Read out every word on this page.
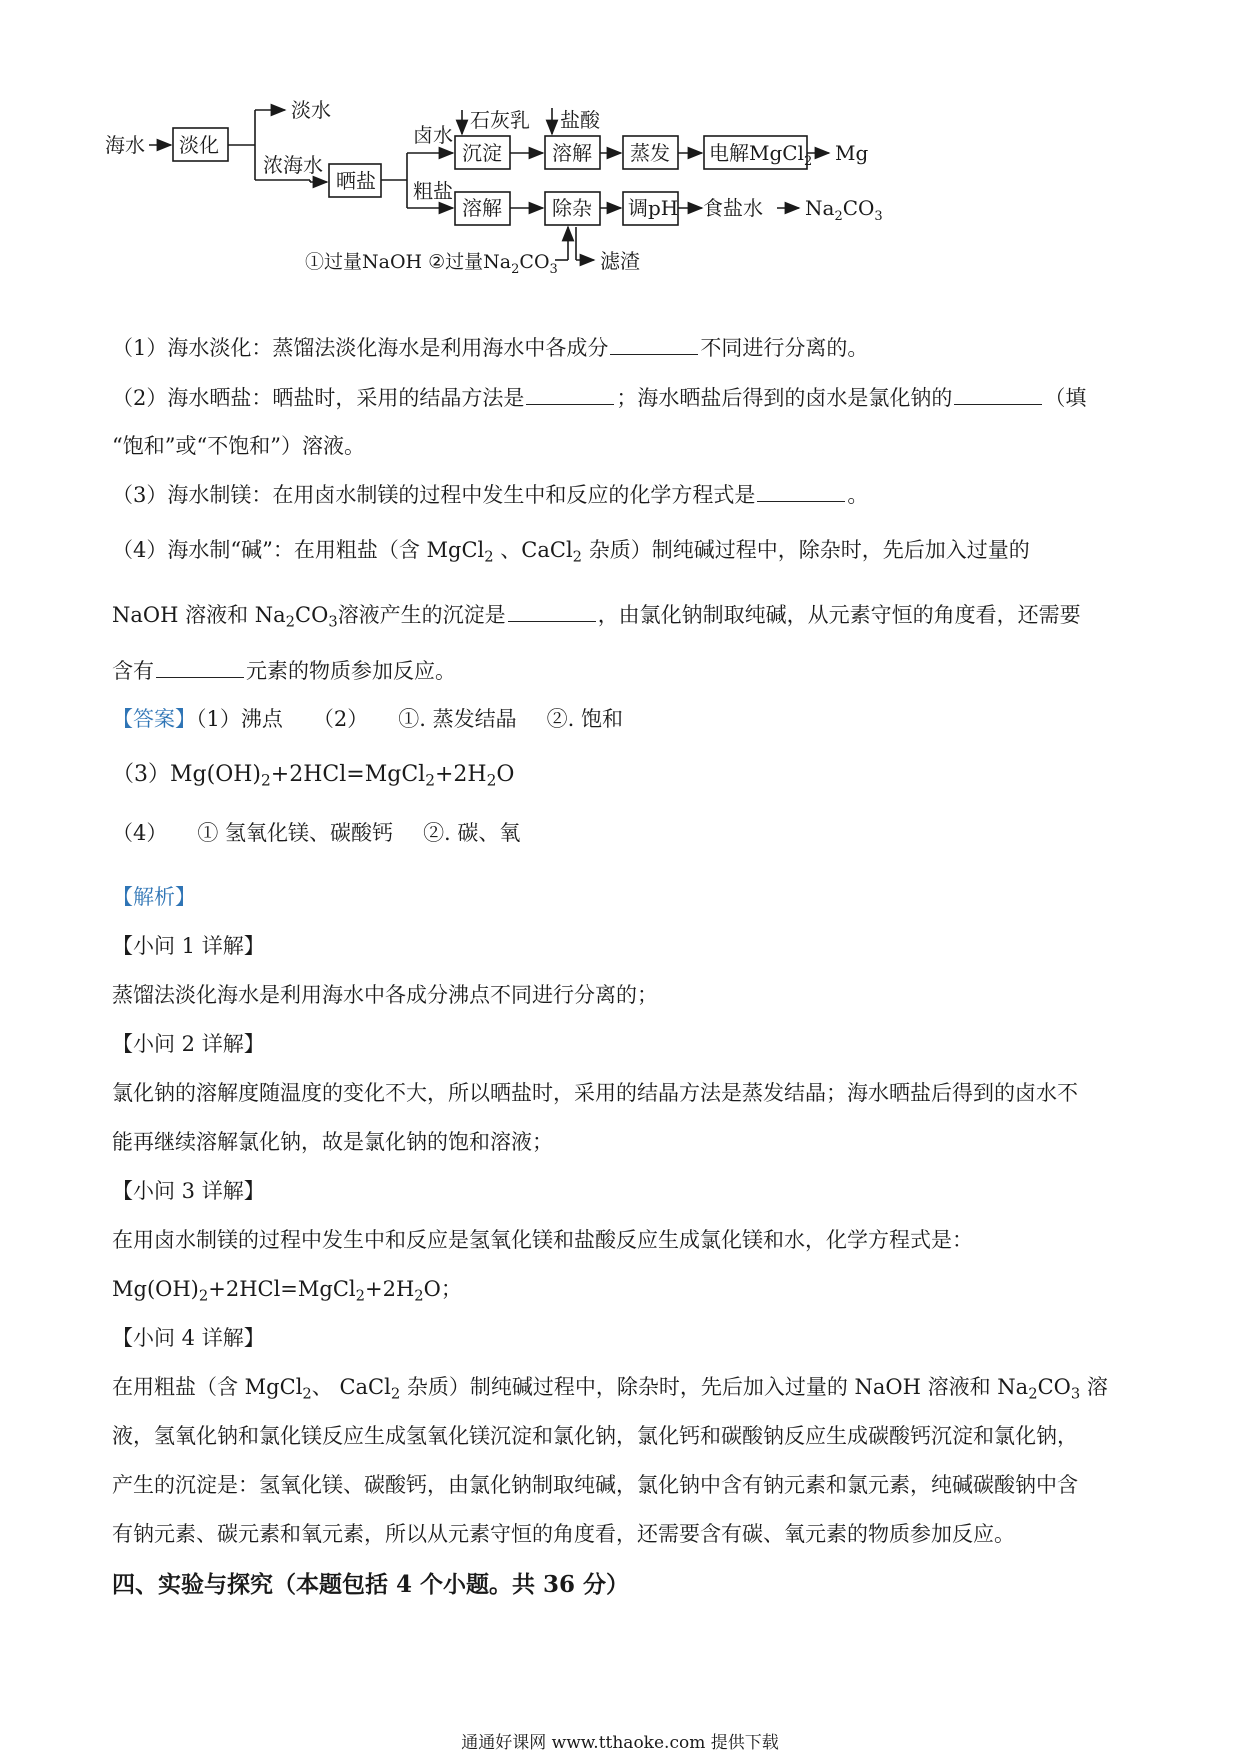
海水 淡化
淡水
浓海水
晒盐
卤水
石灰乳 盐酸
沉淀	溶解 蒸发 电解MgCl$_2$ Mg
粗盐
溶解	除杂 调pH 食盐水 $Na_2CO_3$
①过量NaOH ②过量$Na_2CO_3$ 滤渣
（1）海水淡化：蒸馏法淡化海水是利用海水中各成分	不同进行分离的。
（2）海水晒盐：晒盐时，采用的结晶方法是	；海水晒盐后得到的卤水是氯化钠的	（填
“饱和”或“不饱和”）溶液。
（3）海水制镁：在用卤水制镁的过程中发生中和反应的化学方程式是	。
（4）海水制“碱”：在用粗盐（含 MgCl$_2$ 、CaCl$_2$ 杂质）制纯碱过程中，除杂时，先后加入过量的
NaOH 溶液和 $Na_2CO_3$溶液产生的沉淀是	，由氯化钠制取纯碱，从元素守恒的角度看，还需要
含有	元素的物质参加反应。
【答案】（1）沸点 （2） ①. 蒸发结晶 ②. 饱和
$(3)Mg(OH)_2+2HCl=MgCl_2+2H_2O$
（4） ① 氢氧化镁、碳酸钙 ②. 碳、氧
【解析】
【小问 1 详解】
蒸馏法淡化海水是利用海水中各成分沸点不同进行分离的；
【小问 2 详解】
氯化钠的溶解度随温度的变化不大，所以晒盐时，采用的结晶方法是蒸发结晶；海水晒盐后得到的卤水不
能再继续溶解氯化钠，故是氯化钠的饱和溶液；
【小问 3 详解】
在用卤水制镁的过程中发生中和反应是氢氧化镁和盐酸反应生成氯化镁和水，化学方程式是：
$Mg(OH)_2+2HCl=MgCl_2+2H_2O$；
【小问 4 详解】
在用粗盐（含 MgCl$_2$、 CaCl$_2$ 杂质）制纯碱过程中，除杂时，先后加入过量的 NaOH 溶液和 $Na_2CO_3$ 溶
液，氢氧化钠和氯化镁反应生成氢氧化镁沉淀和氯化钠，氯化钙和碳酸钠反应生成碳酸钙沉淀和氯化钠，
产生的沉淀是：氢氧化镁、碳酸钙，由氯化钠制取纯碱，氯化钠中含有钠元素和氯元素，纯碱碳酸钠中含
有钠元素、碳元素和氧元素，所以从元素守恒的角度看，还需要含有碳、氧元素的物质参加反应。
四、实验与探究（本题包括 4 个小题。共 36 分）
通通好课网 www.tthaoke.com 提供下载
